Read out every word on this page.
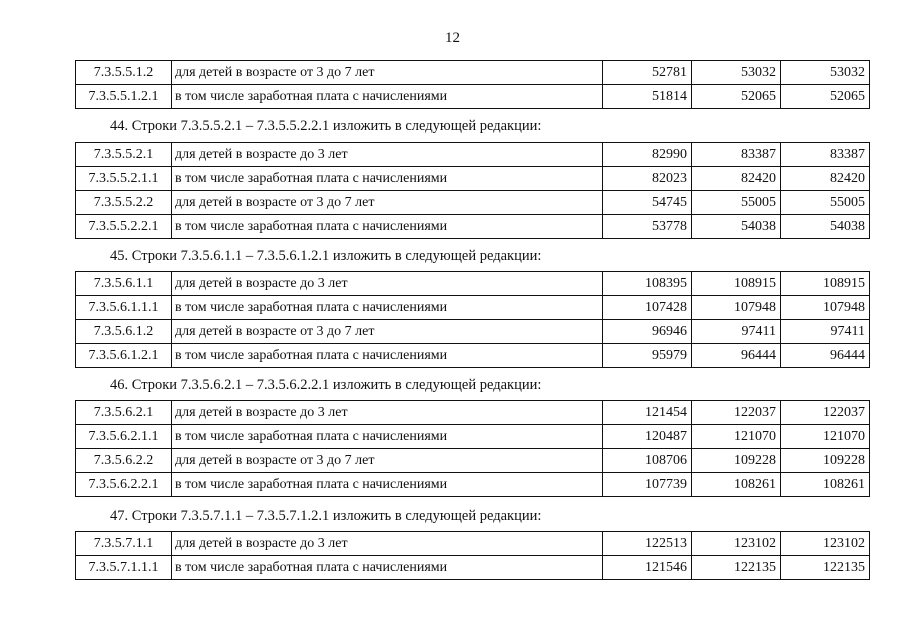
12
7.3.5.5.1.2	для детей в возрасте от 3 до 7 лет	52781	53032	53032
7.3.5.5.1.2.1	в том числе заработная плата с начислениями	51814	52065	52065
44. Строки 7.3.5.5.2.1 – 7.3.5.5.2.2.1 изложить в следующей редакции:
7.3.5.5.2.1	для детей в возрасте до 3 лет	82990	83387	83387
7.3.5.5.2.1.1	в том числе заработная плата с начислениями	82023	82420	82420
7.3.5.5.2.2	для детей в возрасте от 3 до 7 лет	54745	55005	55005
7.3.5.5.2.2.1	в том числе заработная плата с начислениями	53778	54038	54038
45. Строки 7.3.5.6.1.1 – 7.3.5.6.1.2.1 изложить в следующей редакции:
7.3.5.6.1.1	для детей в возрасте до 3 лет	108395	108915	108915
7.3.5.6.1.1.1	в том числе заработная плата с начислениями	107428	107948	107948
7.3.5.6.1.2	для детей в возрасте от 3 до 7 лет	96946	97411	97411
7.3.5.6.1.2.1	в том числе заработная плата с начислениями	95979	96444	96444
46. Строки 7.3.5.6.2.1 – 7.3.5.6.2.2.1 изложить в следующей редакции:
7.3.5.6.2.1	для детей в возрасте до 3 лет	121454	122037	122037
7.3.5.6.2.1.1	в том числе заработная плата с начислениями	120487	121070	121070
7.3.5.6.2.2	для детей в возрасте от 3 до 7 лет	108706	109228	109228
7.3.5.6.2.2.1	в том числе заработная плата с начислениями	107739	108261	108261
47. Строки 7.3.5.7.1.1 – 7.3.5.7.1.2.1 изложить в следующей редакции:
7.3.5.7.1.1	для детей в возрасте до 3 лет	122513	123102	123102
7.3.5.7.1.1.1	в том числе заработная плата с начислениями	121546	122135	122135
